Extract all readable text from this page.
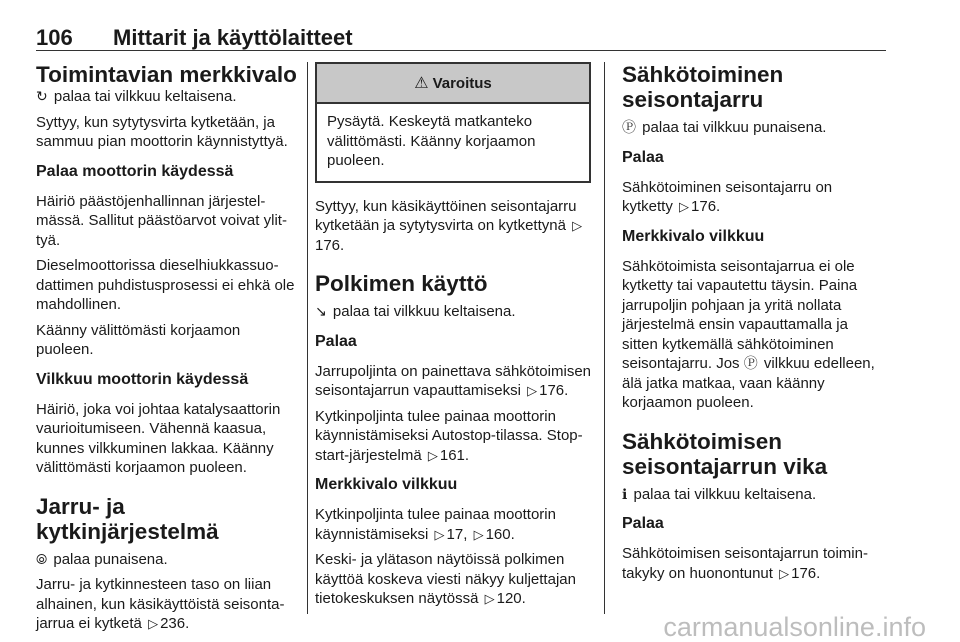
106 Mittarit ja käyttölaitteet
Toimintavian merkkivalo

↻ palaa tai vilkkuu keltaisena.

Syttyy, kun sytytysvirta kytketään, ja sammuu pian moottorin käynnistyttyä.

Palaa moottorin käydessä

Häiriö päästöjenhallinnan järjestelmässä. Sallitut päästöarvot voivat ylittyä.

Dieselmoottorissa dieselhiukkassuodattimen puhdistusprosessi ei ehkä ole mahdollinen.

Käänny välittömästi korjaamon puoleen.

Vilkkuu moottorin käydessä

Häiriö, joka voi johtaa katalysaattorin vaurioitumiseen. Vähennä kaasua, kunnes vilkkuminen lakkaa. Käänny välittömästi korjaamon puoleen.

Jarru- ja kytkinjärjestelmä

⦾ palaa punaisena.

Jarru- ja kytkinnesteen taso on liian alhainen, kun käsikäyttöistä seisontajarrua ei kytketä ▷ 236.

⚠ Varoitus

Pysäytä. Keskeytä matkanteko välittömästi. Käänny korjaamon puoleen.

Syttyy, kun käsikäyttöinen seisontajarru kytketään ja sytytysvirta on kytkettynä ▷176.

Polkimen käyttö

↘ palaa tai vilkkuu keltaisena.

Palaa

Jarrupoljinta on painettava sähkötoimisen seisontajarrun vapauttamiseksi ▷ 176.

Kytkinpoljinta tulee painaa moottorin käynnistämiseksi Autostop-tilassa. Stop-start-järjestelmä ▷ 161.

Merkkivalo vilkkuu

Kytkinpoljinta tulee painaa moottorin käynnistämiseksi ▷ 17, ▷ 160.

Keski- ja ylätason näytöissä polkimen käyttöä koskeva viesti näkyy kuljettajan tietokeskuksen näytössä ▷ 120.

Sähkötoiminen seisontajarru

Ⓟ palaa tai vilkkuu punaisena.

Palaa

Sähkötoiminen seisontajarru on kytketty ▷ 176.

Merkkivalo vilkkuu

Sähkötoimista seisontajarrua ei ole kytketty tai vapautettu täysin. Paina jarrupoljin pohjaan ja yritä nollata järjestelmä ensin vapauttamalla ja sitten kytkemällä sähkötoiminen seisontajarru. Jos Ⓟ vilkkuu edelleen, älä jatka matkaa, vaan käänny korjaamon puoleen.

Sähkötoimisen seisontajarrun vika

ℹ palaa tai vilkkuu keltaisena.

Palaa

Sähkötoimisen seisontajarrun toimintakyky on huonontunut ▷ 176.

carmanualsonline.info
